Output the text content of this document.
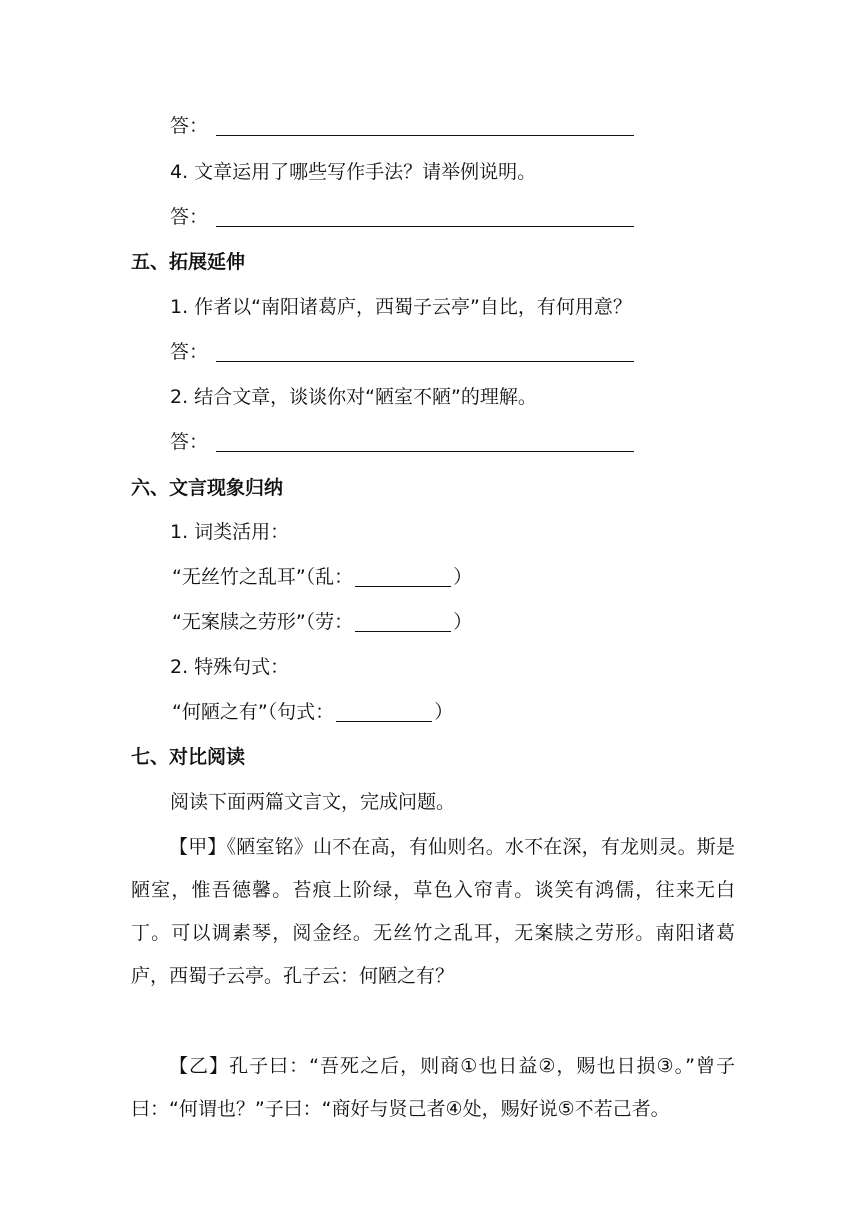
答：
4. 文章运用了哪些写作手法？请举例说明。
答：
五、拓展延伸
1. 作者以“南阳诸葛庐，西蜀子云亭”自比，有何用意？
答：
2. 结合文章，谈谈你对“陋室不陋”的理解。
答：
六、文言现象归纳
1. 词类活用：
“无丝竹之乱耳”（乱：	）
“无案牍之劳形”（劳：	）
2. 特殊句式：
“何陋之有”（句式：	）
七、对比阅读
阅读下面两篇文言文，完成问题。
【甲】《陋室铭》山不在高，有仙则名。水不在深，有龙则灵。斯是陋室，惟吾德馨。苔痕上阶绿，草色入帘青。谈笑有鸿儒，往来无白丁。可以调素琴，阅金经。无丝竹之乱耳，无案牍之劳形。南阳诸葛庐，西蜀子云亭。孔子云：何陋之有？
【乙】孔子曰：“吾死之后，则商①也日益②，赐也日损③。”曾子曰：“何谓也？”子曰：“商好与贤己者④处，赐好说⑤不若己者。
